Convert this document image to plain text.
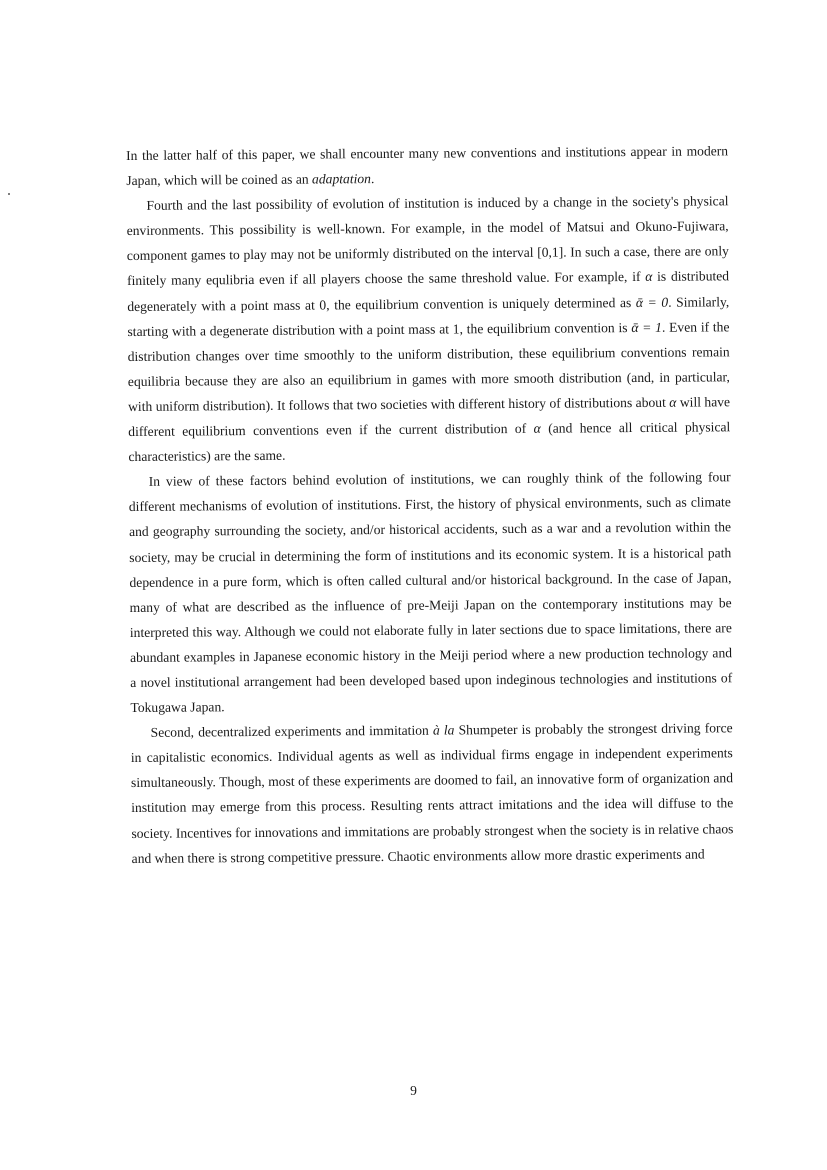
In the latter half of this paper, we shall encounter many new conventions and institutions appear in modern Japan, which will be coined as an adaptation.

Fourth and the last possibility of evolution of institution is induced by a change in the society's physical environments. This possibility is well-known. For example, in the model of Matsui and Okuno-Fujiwara, component games to play may not be uniformly distributed on the interval [0,1]. In such a case, there are only finitely many equlibria even if all players choose the same threshold value. For example, if α is distributed degenerately with a point mass at 0, the equilibrium convention is uniquely determined as ᾱ = 0. Similarly, starting with a degenerate distribution with a point mass at 1, the equilibrium convention is ᾱ = 1. Even if the distribution changes over time smoothly to the uniform distribution, these equilibrium conventions remain equilibria because they are also an equilibrium in games with more smooth distribution (and, in particular, with uniform distribution). It follows that two societies with different history of distributions about α will have different equilibrium conventions even if the current distribution of α (and hence all critical physical characteristics) are the same.

In view of these factors behind evolution of institutions, we can roughly think of the following four different mechanisms of evolution of institutions. First, the history of physical environments, such as climate and geography surrounding the society, and/or historical accidents, such as a war and a revolution within the society, may be crucial in determining the form of institutions and its economic system. It is a historical path dependence in a pure form, which is often called cultural and/or historical background. In the case of Japan, many of what are described as the influence of pre-Meiji Japan on the contemporary institutions may be interpreted this way. Although we could not elaborate fully in later sections due to space limitations, there are abundant examples in Japanese economic history in the Meiji period where a new production technology and a novel institutional arrangement had been developed based upon indeginous technologies and institutions of Tokugawa Japan.

Second, decentralized experiments and immitation à la Shumpeter is probably the strongest driving force in capitalistic economics. Individual agents as well as individual firms engage in independent experiments simultaneously. Though, most of these experiments are doomed to fail, an innovative form of organization and institution may emerge from this process. Resulting rents attract imitations and the idea will diffuse to the society. Incentives for innovations and immitations are probably strongest when the society is in relative chaos and when there is strong competitive pressure. Chaotic environments allow more drastic experiments and

9
